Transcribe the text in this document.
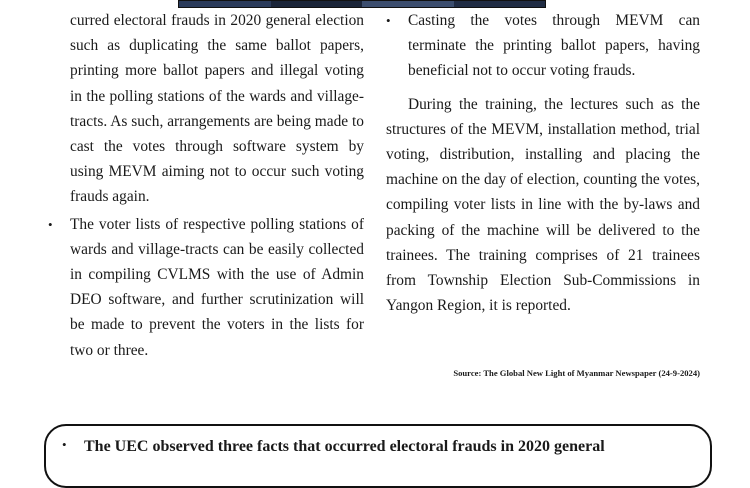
curred electoral frauds in 2020 general election such as duplicating the same ballot papers, printing more ballot papers and illegal voting in the polling stations of the wards and village-tracts. As such, arrangements are being made to cast the votes through software system by using MEVM aiming not to occur such voting frauds again.

• The voter lists of respective polling stations of wards and village-tracts can be easily collected in compiling CVLMS with the use of Admin DEO software, and further scrutinization will be made to prevent the voters in the lists for two or three.

• Casting the votes through MEVM can terminate the printing ballot papers, having beneficial not to occur voting frauds.

During the training, the lectures such as the structures of the MEVM, installation method, trial voting, distribution, installing and placing the machine on the day of election, counting the votes, compiling voter lists in line with the by-laws and packing of the machine will be delivered to the trainees. The training comprises of 21 trainees from Township Election Sub-Commissions in Yangon Region, it is reported.

Source: The Global New Light of Myanmar Newspaper (24-9-2024)
• The UEC observed three facts that occurred electoral frauds in 2020 general
